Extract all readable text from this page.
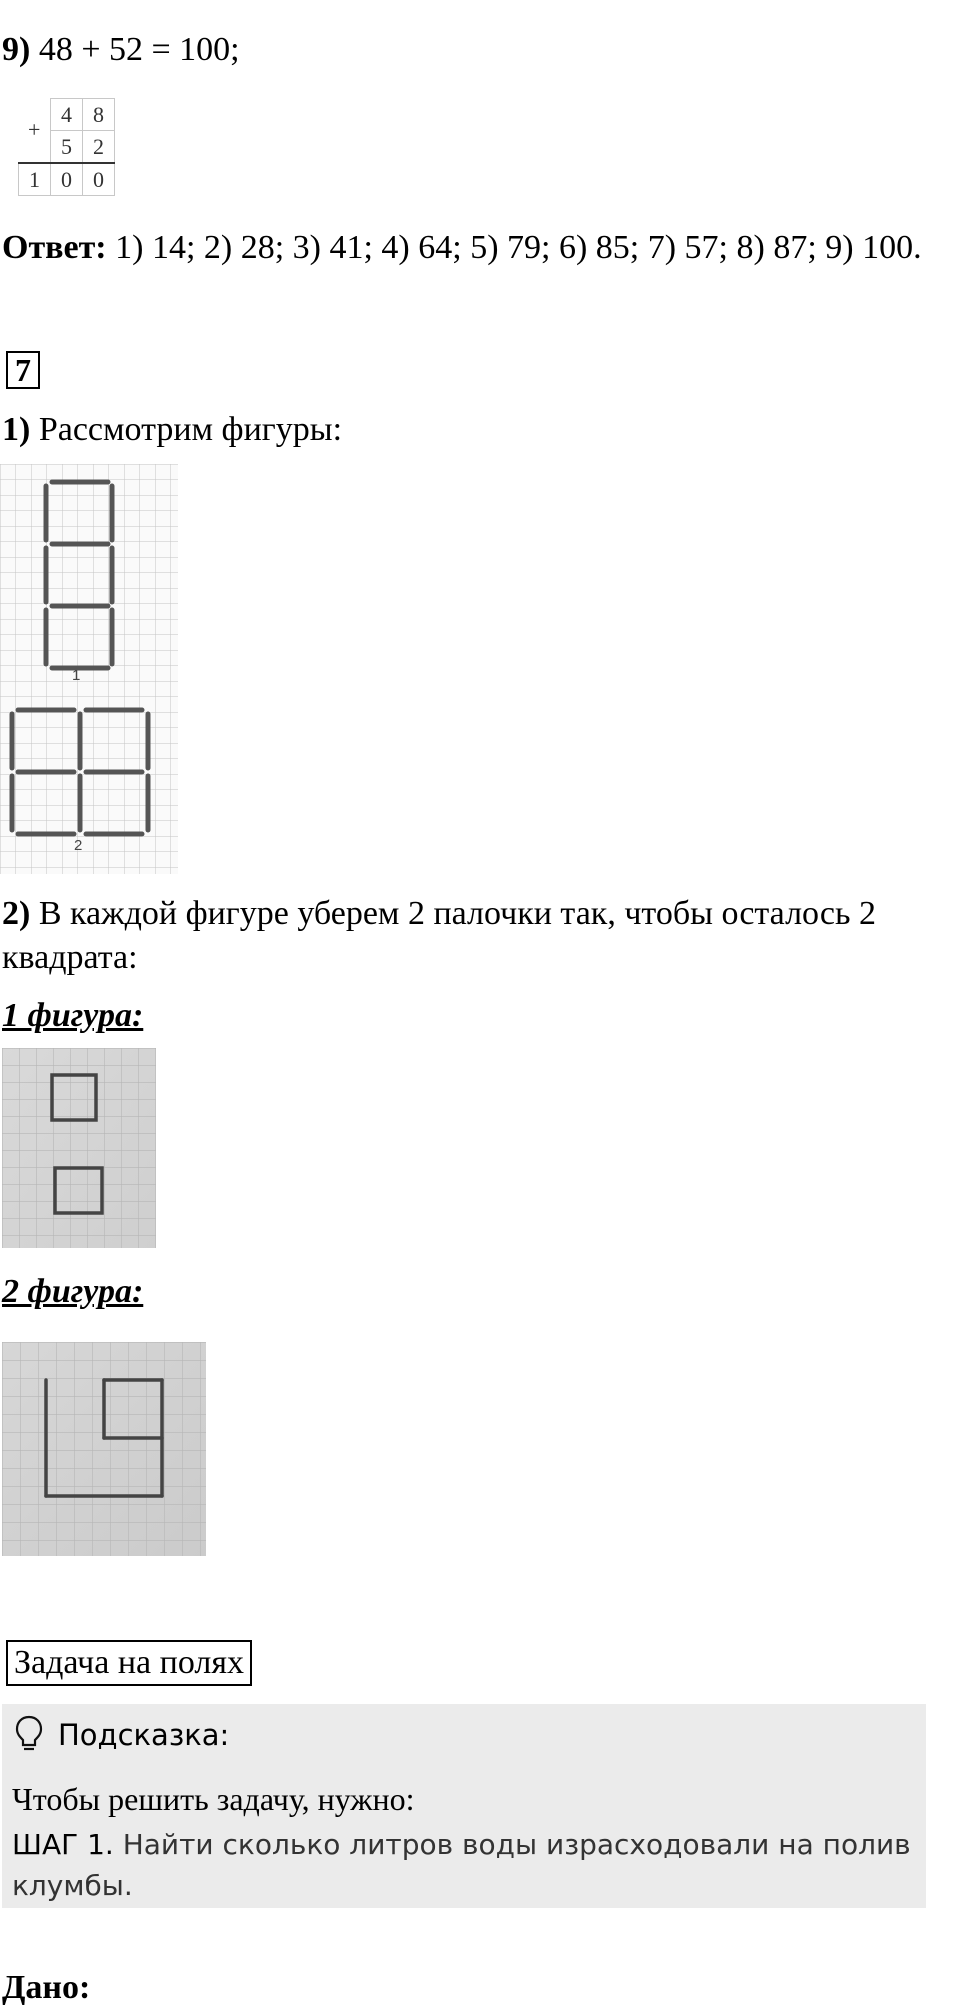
9) 48 + 52 = 100;
+	4	8
	5	2
1	0	0
Ответ: 1) 14; 2) 28; 3) 41; 4) 64; 5) 79; 6) 85; 7) 57; 8) 87; 9) 100.
7
1) Рассмотрим фигуры:
1
2
2) В каждой фигуре уберем 2 палочки так, чтобы осталось 2
квадрата:
1 фигура:
2 фигура:
Задача на полях
Подсказка:
Чтобы решить задачу, нужно:
ШАГ 1. Найти сколько литров воды израсходовали на полив
клумбы.
Дано:
